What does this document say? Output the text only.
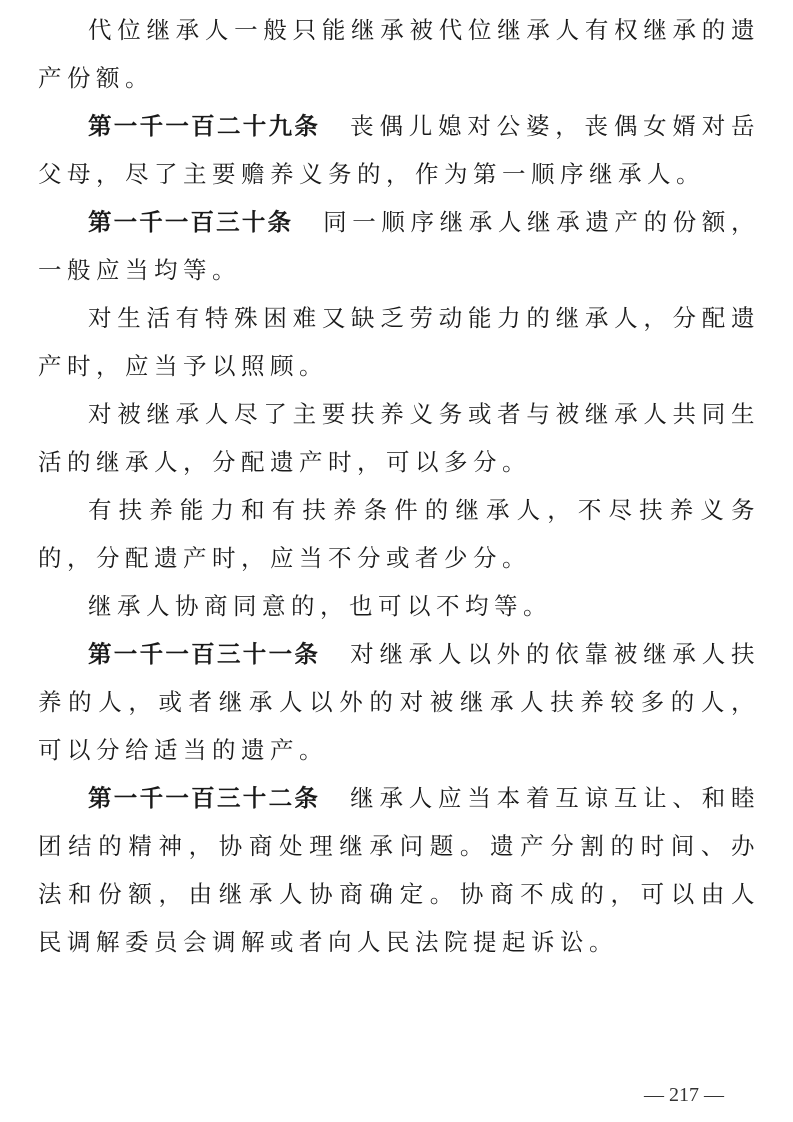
代位继承人一般只能继承被代位继承人有权继承的遗产份额。

第一千一百二十九条 丧偶儿媳对公婆，丧偶女婿对岳父母，尽了主要赡养义务的，作为第一顺序继承人。

第一千一百三十条 同一顺序继承人继承遗产的份额，一般应当均等。

对生活有特殊困难又缺乏劳动能力的继承人，分配遗产时，应当予以照顾。

对被继承人尽了主要扶养义务或者与被继承人共同生活的继承人，分配遗产时，可以多分。

有扶养能力和有扶养条件的继承人，不尽扶养义务的，分配遗产时，应当不分或者少分。

继承人协商同意的，也可以不均等。

第一千一百三十一条 对继承人以外的依靠被继承人扶养的人，或者继承人以外的对被继承人扶养较多的人，可以分给适当的遗产。

第一千一百三十二条 继承人应当本着互谅互让、和睦团结的精神，协商处理继承问题。遗产分割的时间、办法和份额，由继承人协商确定。协商不成的，可以由人民调解委员会调解或者向人民法院提起诉讼。

— 217 —
